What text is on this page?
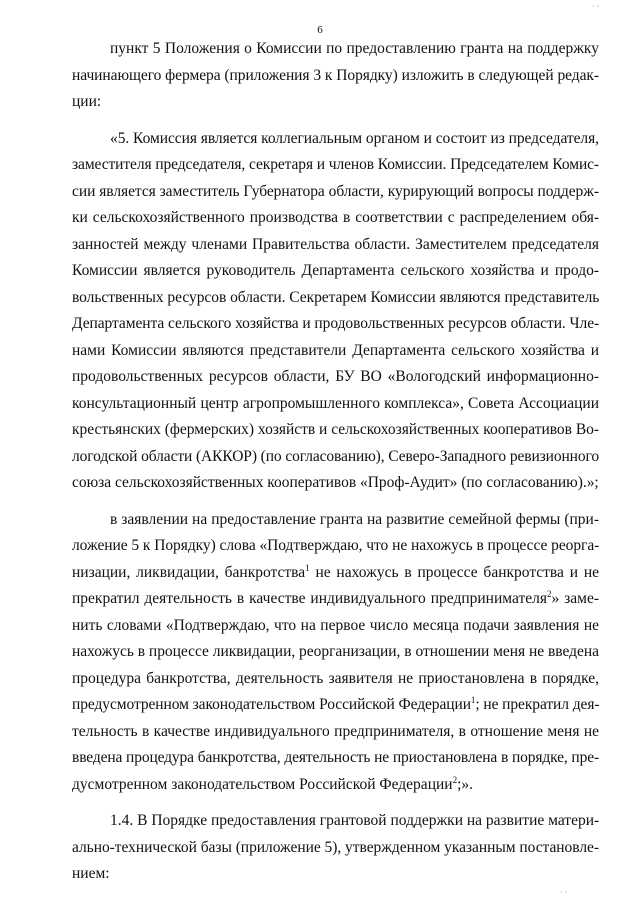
6

пункт 5 Положения о Комиссии по предоставлению гранта на поддержку
начинающего фермера (приложения 3 к Порядку) изложить в следующей редак-
ции:

«5. Комиссия является коллегиальным органом и состоит из председателя,
заместителя председателя, секретаря и членов Комиссии. Председателем Комис-
сии является заместитель Губернатора области, курирующий вопросы поддерж-
ки сельскохозяйственного производства в соответствии с распределением обя-
занностей между членами Правительства области. Заместителем председателя
Комиссии является руководитель Департамента сельского хозяйства и продо-
вольственных ресурсов области. Секретарем Комиссии являются представитель
Департамента сельского хозяйства и продовольственных ресурсов области. Чле-
нами Комиссии являются представители Департамента сельского хозяйства и
продовольственных ресурсов области, БУ ВО «Вологодский информационно-
консультационный центр агропромышленного комплекса», Совета Ассоциации
крестьянских (фермерских) хозяйств и сельскохозяйственных кооперативов Во-
логодской области (АККОР) (по согласованию), Северо-Западного ревизионного
союза сельскохозяйственных кооперативов «Проф-Аудит» (по согласованию).»;

в заявлении на предоставление гранта на развитие семейной фермы (при-
ложение 5 к Порядку) слова «Подтверждаю, что не нахожусь в процессе реорга-
низации, ликвидации, банкротства$^1$ не нахожусь в процессе банкротства и не
прекратил деятельность в качестве индивидуального предпринимателя$^2$» заме-
нить словами «Подтверждаю, что на первое число месяца подачи заявления не
нахожусь в процессе ликвидации, реорганизации, в отношении меня не введена
процедура банкротства, деятельность заявителя не приостановлена в порядке,
предусмотренном законодательством Российской Федерации$^1$; не прекратил дея-
тельность в качестве индивидуального предпринимателя, в отношение меня не
введена процедура банкротства, деятельность не приостановлена в порядке, пре-
дусмотренном законодательством Российской Федерации$^2$;».

1.4. В Порядке предоставления грантовой поддержки на развитие матери-
ально-технической базы (приложение 5), утвержденном указанным постановле-
нием:

· ·
· ·
